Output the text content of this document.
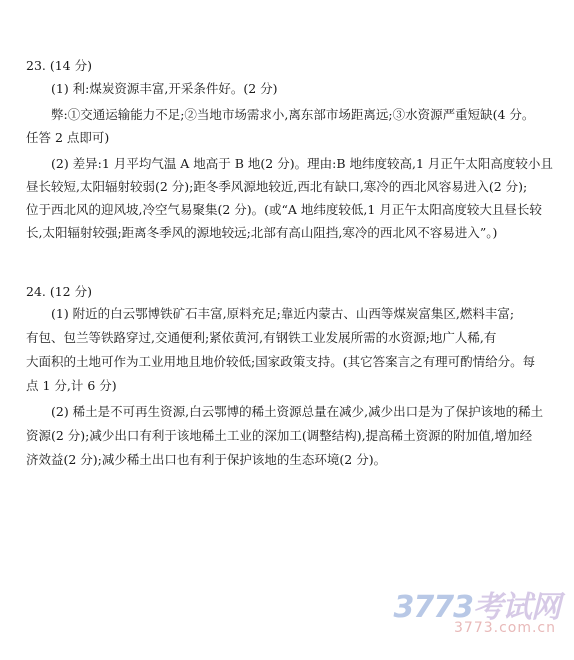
23. (14 分)
(1) 利:煤炭资源丰富,开采条件好。(2 分)
弊:①交通运输能力不足;②当地市场需求小,离东部市场距离远;③水资源严重短缺(4 分。
任答 2 点即可)
(2) 差异:1 月平均气温 A 地高于 B 地(2 分)。理由:B 地纬度较高,1 月正午太阳高度较小且
昼长较短,太阳辐射较弱(2 分);距冬季风源地较近,西北有缺口,寒冷的西北风容易进入(2 分);
位于西北风的迎风坡,冷空气易聚集(2 分)。(或“A 地纬度较低,1 月正午太阳高度较大且昼长较
长,太阳辐射较强;距离冬季风的源地较远;北部有高山阻挡,寒冷的西北风不容易进入”。)
24. (12 分)
(1) 附近的白云鄂博铁矿石丰富,原料充足;靠近内蒙古、山西等煤炭富集区,燃料丰富;
有包、包兰等铁路穿过,交通便利;紧依黄河,有钢铁工业发展所需的水资源;地广人稀,有
大面积的土地可作为工业用地且地价较低;国家政策支持。(其它答案言之有理可酌情给分。每
点 1 分,计 6 分)
(2) 稀土是不可再生资源,白云鄂博的稀土资源总量在减少,减少出口是为了保护该地的稀土
资源(2 分);减少出口有利于该地稀土工业的深加工(调整结构),提高稀土资源的附加值,增加经
济效益(2 分);减少稀土出口也有利于保护该地的生态环境(2 分)。
3773考试网
3773.com.cn
